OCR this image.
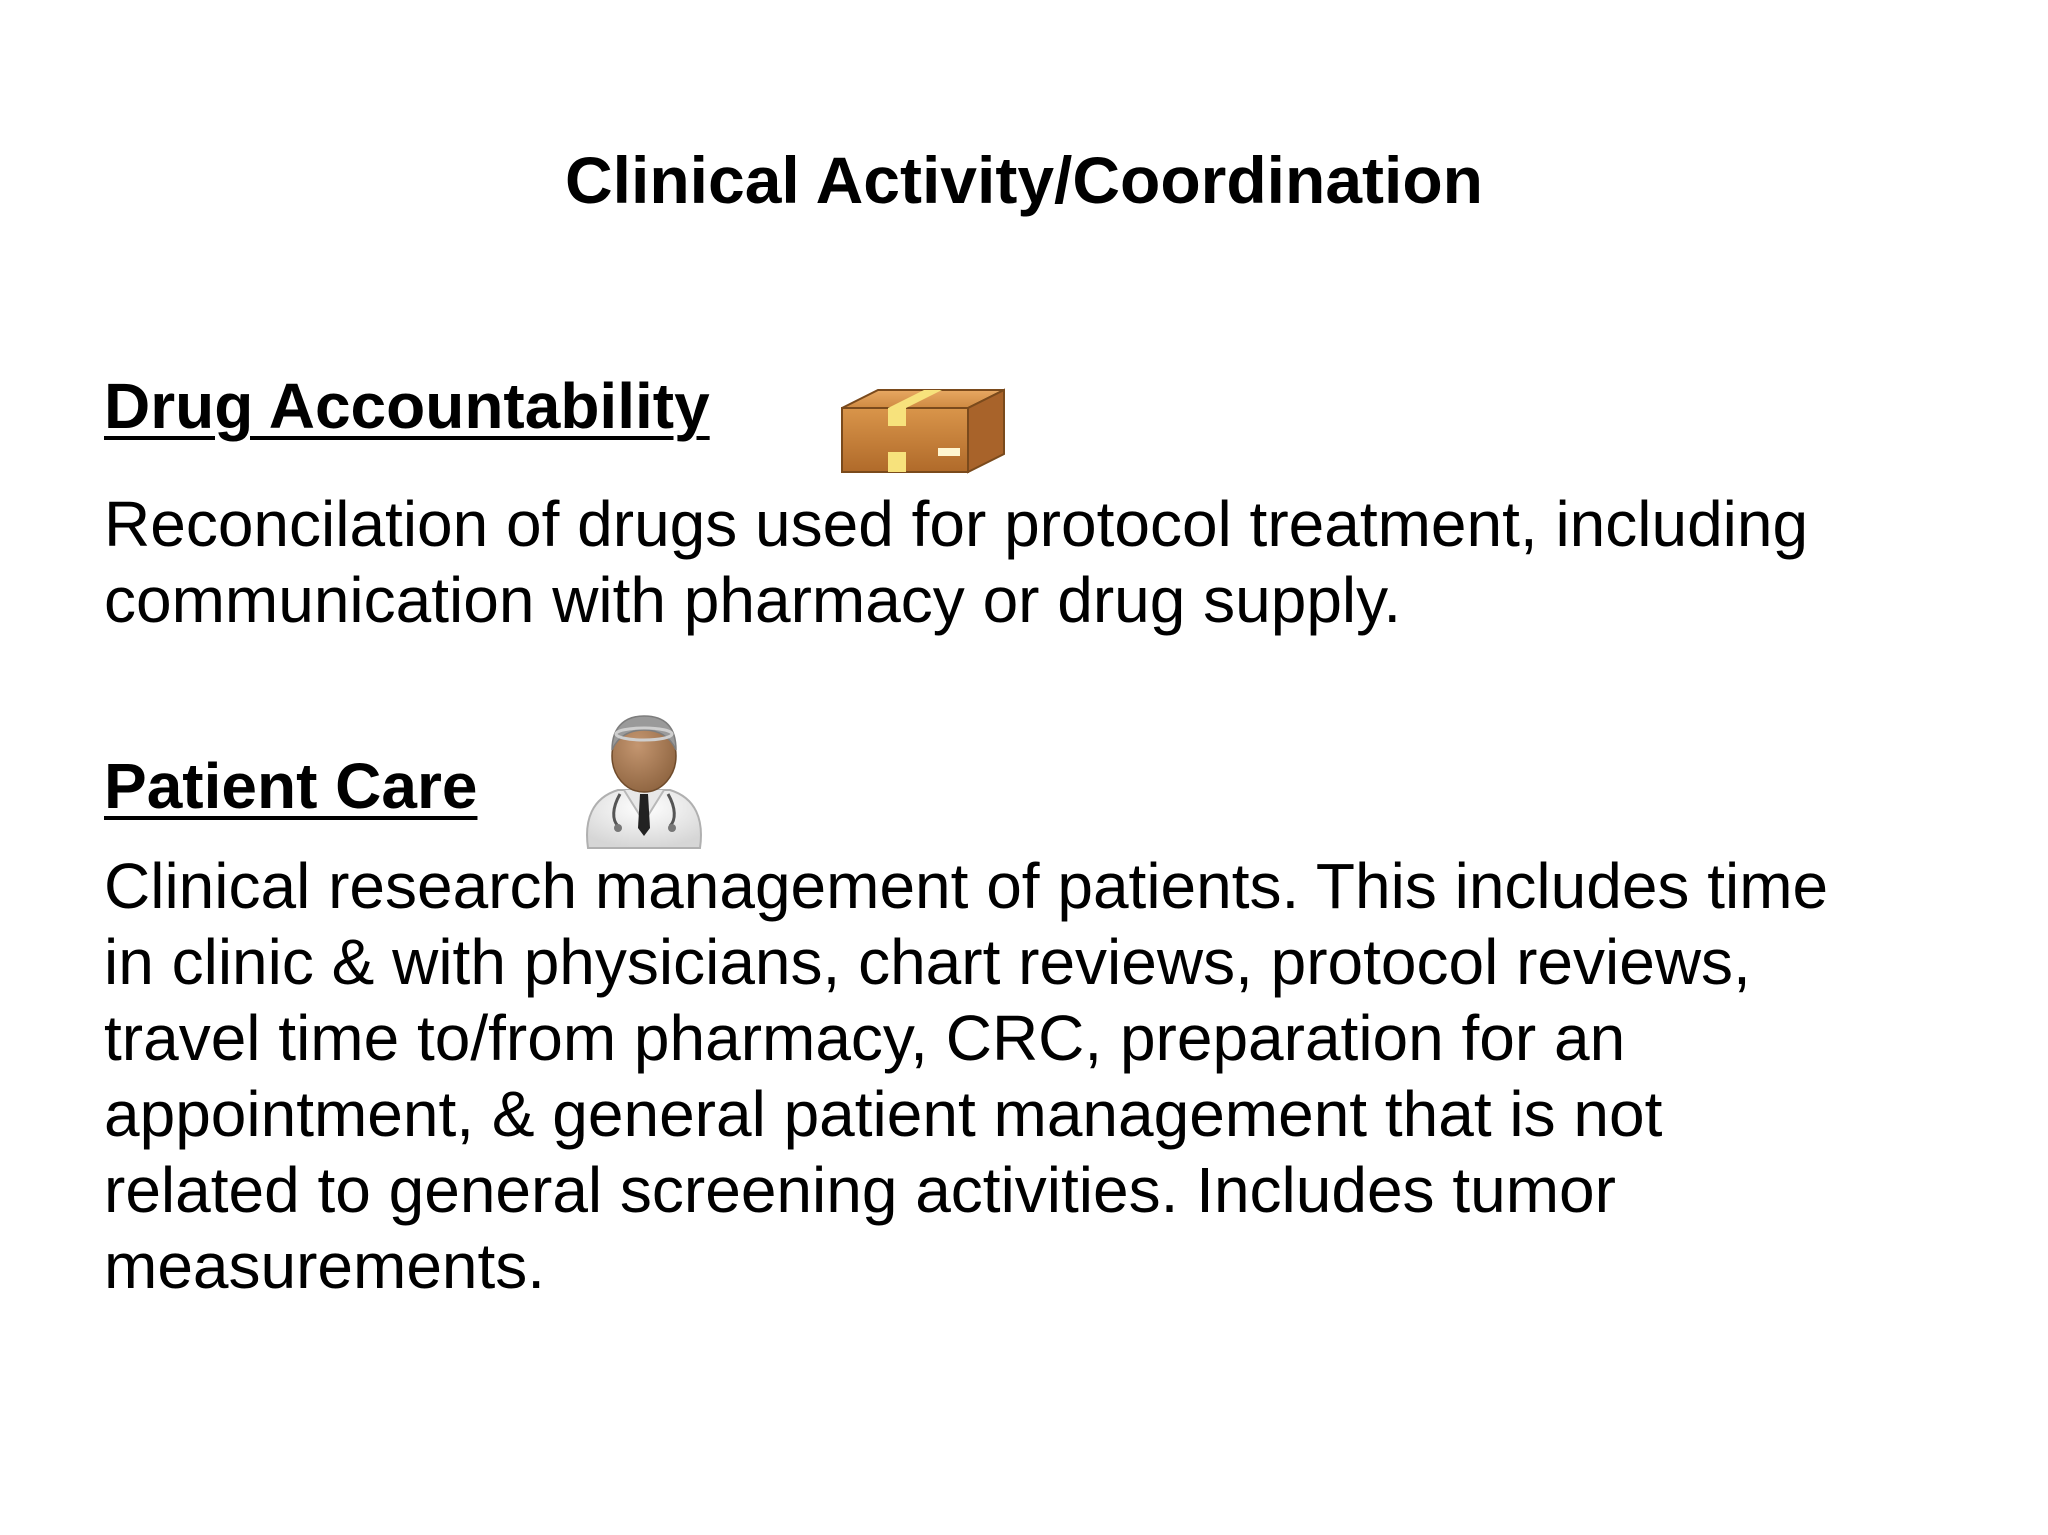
Clinical Activity/Coordination
Drug Accountability

Reconcilation of drugs used for protocol treatment, including
communication with pharmacy or drug supply.

Patient Care

Clinical research management of patients. This includes time
in clinic & with physicians, chart reviews, protocol reviews,
travel time to/from pharmacy, CRC, preparation for an
appointment, & general patient management that is not
related to general screening activities. Includes tumor
measurements.
